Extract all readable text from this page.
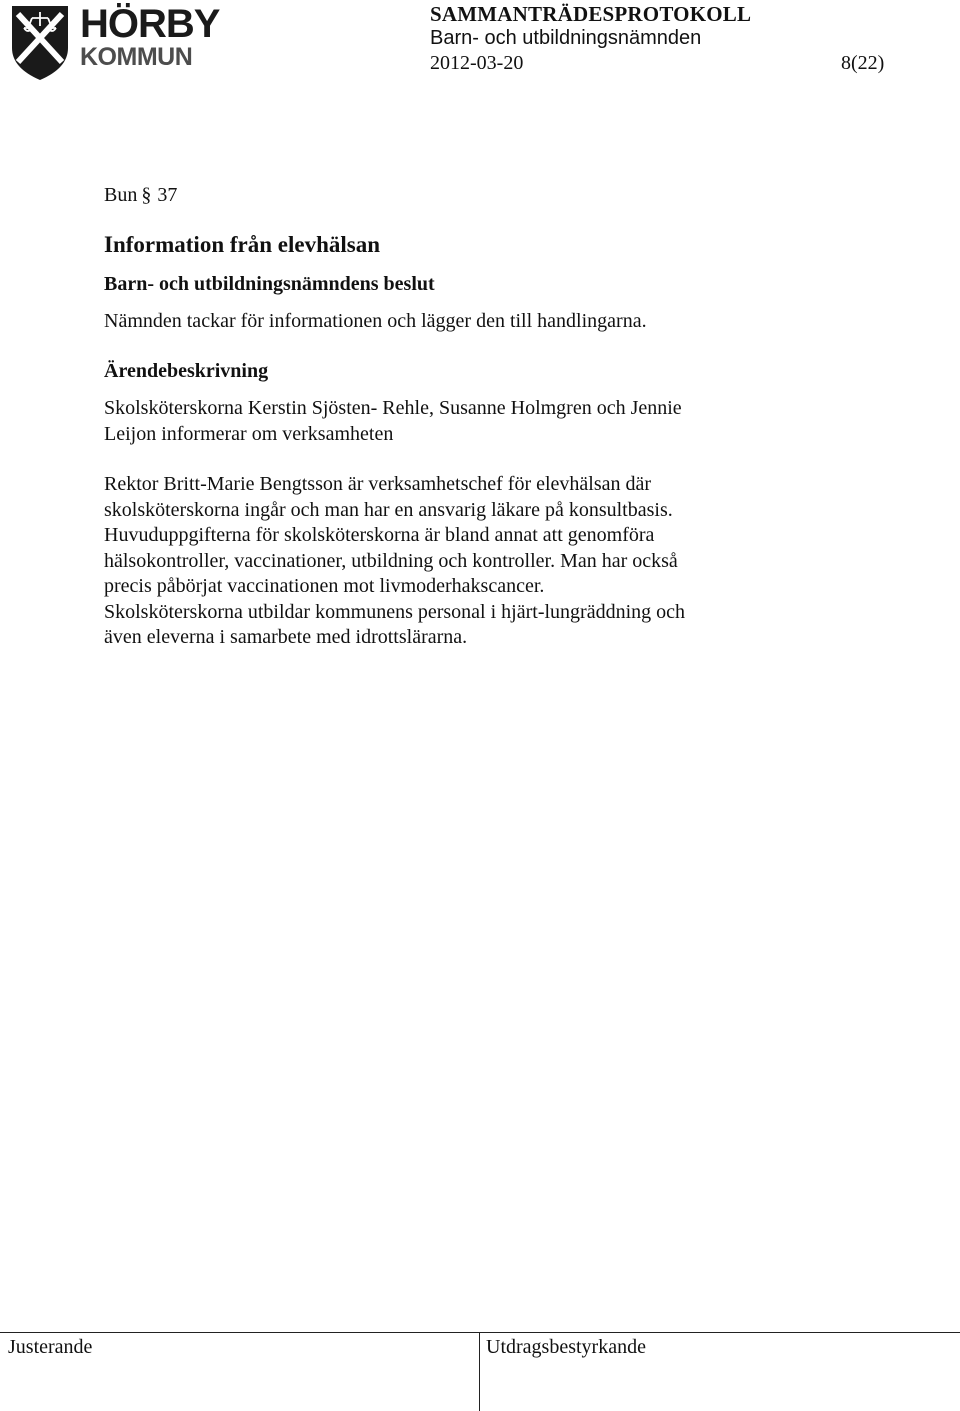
HÖRBY
KOMMUN
SAMMANTRÄDESPROTOKOLL
Barn- och utbildningsnämnden
2012-03-20	8(22)
Bun § 37
Information från elevhälsan
Barn- och utbildningsnämndens beslut
Nämnden tackar för informationen och lägger den till handlingarna.
Ärendebeskrivning
Skolsköterskorna Kerstin Sjösten- Rehle, Susanne Holmgren och Jennie
Leijon informerar om verksamheten
Rektor Britt-Marie Bengtsson är verksamhetschef för elevhälsan där
skolsköterskorna ingår och man har en ansvarig läkare på konsultbasis.
Huvuduppgifterna för skolsköterskorna är bland annat att genomföra
hälsokontroller, vaccinationer, utbildning och kontroller. Man har också
precis påbörjat vaccinationen mot livmoderhakscancer.
Skolsköterskorna utbildar kommunens personal i hjärt-lungräddning och
även eleverna i samarbete med idrottslärarna.
Justerande	Utdragsbestyrkande
